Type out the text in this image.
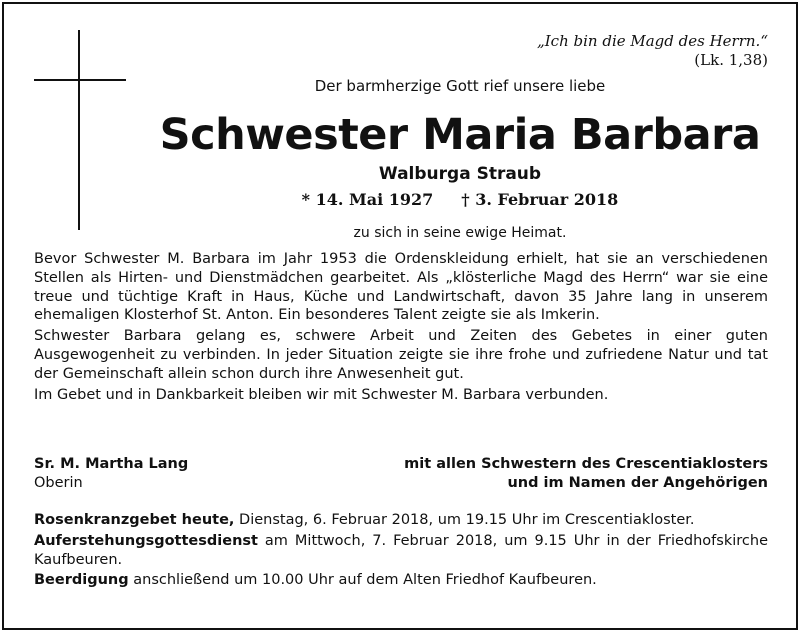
„Ich bin die Magd des Herrn.“
(Lk. 1,38)
Der barmherzige Gott rief unsere liebe
Schwester Maria Barbara
Walburga Straub
* 14. Mai 1927 † 3. Februar 2018
zu sich in seine ewige Heimat.

Bevor Schwester M. Barbara im Jahr 1953 die Ordenskleidung erhielt, hat sie an verschiedenen Stellen als Hirten- und Dienstmädchen gearbeitet. Als „klösterliche Magd des Herrn“ war sie eine treue und tüchtige Kraft in Haus, Küche und Landwirtschaft, davon 35 Jahre lang in unserem ehemaligen Klosterhof St. Anton. Ein besonderes Talent zeigte sie als Imkerin.

Schwester Barbara gelang es, schwere Arbeit und Zeiten des Gebetes in einer guten Ausgewogenheit zu verbinden. In jeder Situation zeigte sie ihre frohe und zufriedene Natur und tat der Gemeinschaft allein schon durch ihre Anwesenheit gut.

Im Gebet und in Dankbarkeit bleiben wir mit Schwester M. Barbara verbunden.

Sr. M. Martha Lang
Oberin
mit allen Schwestern des Crescentiaklosters
und im Namen der Angehörigen

Rosenkranzgebet heute, Dienstag, 6. Februar 2018, um 19.15 Uhr im Crescentiakloster.

Auferstehungsgottesdienst am Mittwoch, 7. Februar 2018, um 9.15 Uhr in der Friedhofskirche Kaufbeuren.

Beerdigung anschließend um 10.00 Uhr auf dem Alten Friedhof Kaufbeuren.
